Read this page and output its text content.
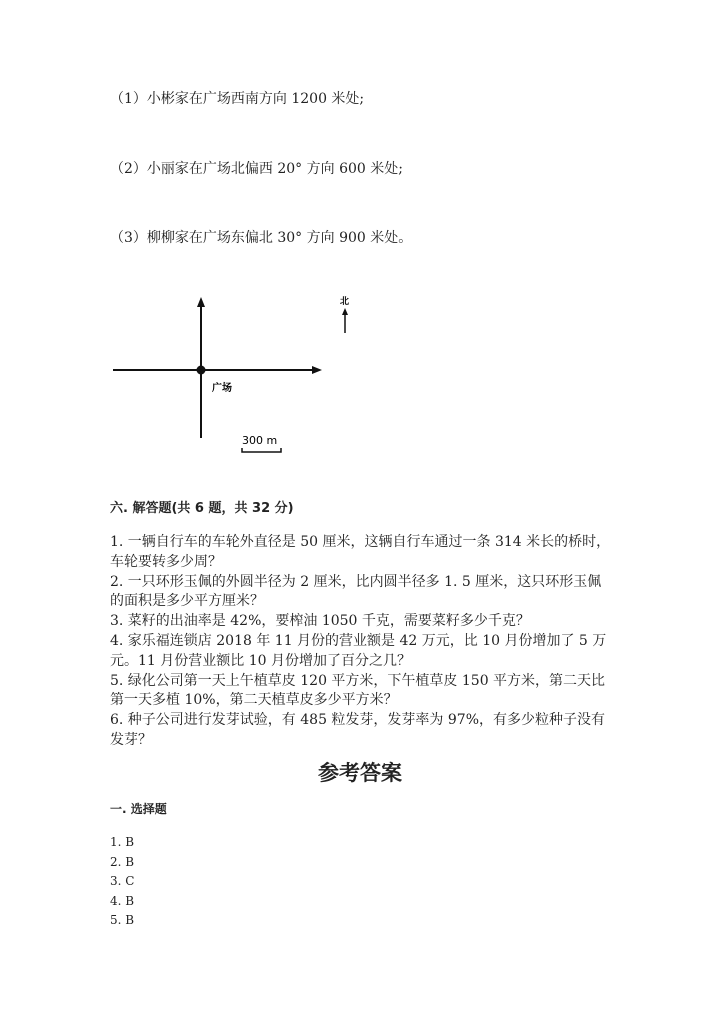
（1）小彬家在广场西南方向 1200 米处;
（2）小丽家在广场北偏西 20° 方向 600 米处;
（3）柳柳家在广场东偏北 30° 方向 900 米处。
广场
北
300 m
六. 解答题(共 6 题，共 32 分)
1. 一辆自行车的车轮外直径是 50 厘米，这辆自行车通过一条 314 米长的桥时，
车轮要转多少周？
2. 一只环形玉佩的外圆半径为 2 厘米，比内圆半径多 1. 5 厘米，这只环形玉佩
的面积是多少平方厘米？
3. 菜籽的出油率是 42%，要榨油 1050 千克，需要菜籽多少千克？
4. 家乐福连锁店 2018 年 11 月份的营业额是 42 万元，比 10 月份增加了 5 万
元。11 月份营业额比 10 月份增加了百分之几？
5. 绿化公司第一天上午植草皮 120 平方米，下午植草皮 150 平方米，第二天比
第一天多植 10%，第二天植草皮多少平方米？
6. 种子公司进行发芽试验，有 485 粒发芽，发芽率为 97%，有多少粒种子没有
发芽？
参考答案
一. 选择题
1. B
2. B
3. C
4. B
5. B
